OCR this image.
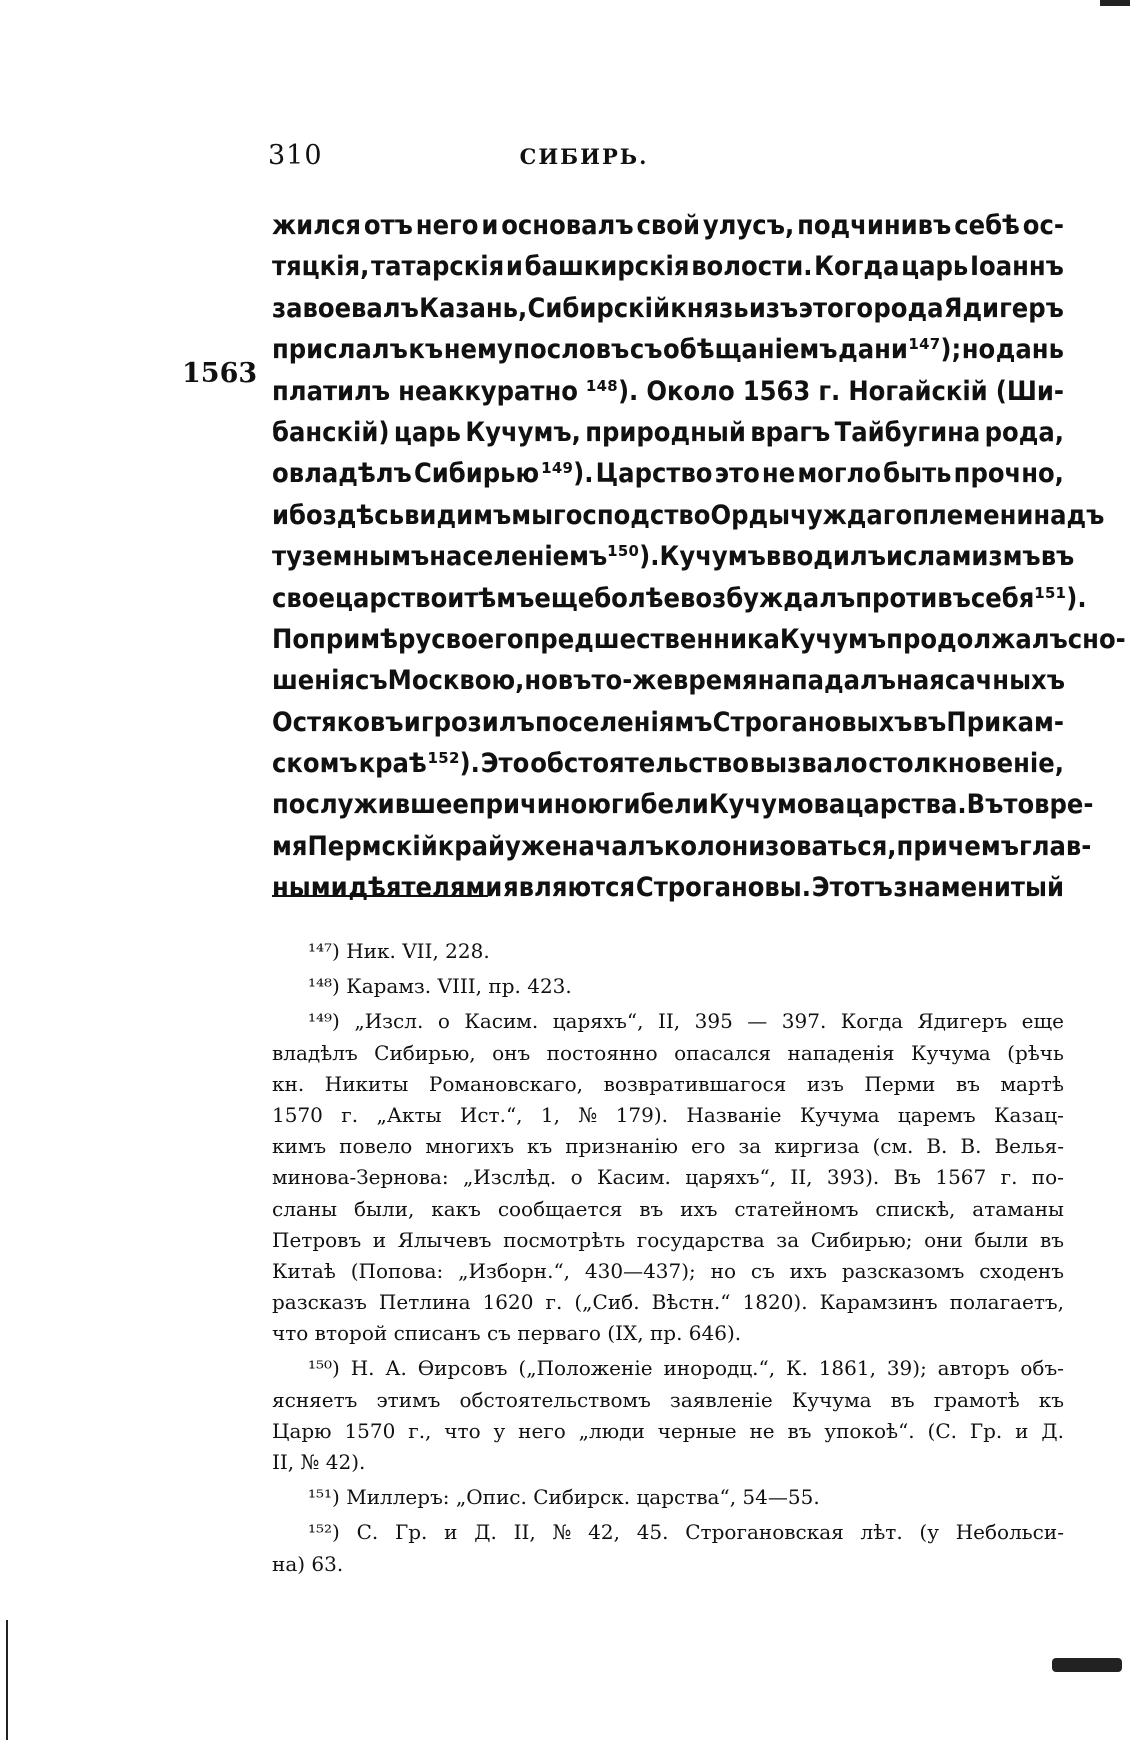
310	СИБИРЬ.
1563
жился отъ него и основалъ свой улусъ, подчинивъ себѣ ос-
тяцкія, татарскія и башкирскія волости. Когда царь Іоаннъ
завоевалъ Казань, Сибирскій князь изъ этого рода Ядигеръ
прислалъ къ нему пословъ съ обѣщаніемъ дани ¹⁴⁷); но дань
платилъ неаккуратно ¹⁴⁸). Около 1563 г. Ногайскій (Ши-
банскій) царь Кучумъ, природный врагъ Тайбугина рода,
овладѣлъ Сибирью ¹⁴⁹). Царство это не могло быть прочно,
ибо здѣсь видимъ мы господство Орды чуждаго племени надъ
туземнымъ населеніемъ ¹⁵⁰). Кучумъ вводилъ исламизмъ въ
свое царство и тѣмъ еще болѣе возбуждалъ противъ себя ¹⁵¹).
По примѣру своего предшественника Кучумъ продолжалъ сно-
шенія съ Москвою, но въ то-же время нападалъ на ясачныхъ
Остяковъ и грозилъ поселеніямъ Строгановыхъ въ Прикам-
скомъ краѣ ¹⁵²). Это обстоятельство вызвало столкновеніе,
послужившее причиною гибели Кучумова царства. Въ то вре-
мя Пермскій край уже началъ колонизоваться, причемъ глав-
ными дѣятелями являются Строгановы. Этотъ знаменитый
¹⁴⁷) Ник. VII, 228.
¹⁴⁸) Карамз. VIII, пр. 423.
¹⁴⁹) „Изсл. о Касим. царяхъ“, II, 395 — 397. Когда Ядигеръ еще
владѣлъ Сибирью, онъ постоянно опасался нападенія Кучума (рѣчь
кн. Никиты Романовскаго, возвратившагося изъ Перми въ мартѣ
1570 г. „Акты Ист.“, 1, № 179). Названіе Кучума царемъ Казац-
кимъ повело многихъ къ признанію его за киргиза (см. В. В. Велья-
минова-Зернова: „Изслѣд. о Касим. царяхъ“, II, 393). Въ 1567 г. по-
сланы были, какъ сообщается въ ихъ статейномъ спискѣ, атаманы
Петровъ и Ялычевъ посмотрѣть государства за Сибирью; они были въ
Китаѣ (Попова: „Изборн.“, 430—437); но съ ихъ разсказомъ сходенъ
разсказъ Петлина 1620 г. („Сиб. Вѣстн.“ 1820). Карамзинъ полагаетъ,
что второй списанъ съ перваго (IX, пр. 646).
¹⁵⁰) Н. А. Өирсовъ („Положеніе инородц.“, К. 1861, 39); авторъ объ-
ясняетъ этимъ обстоятельствомъ заявленіе Кучума въ грамотѣ къ
Царю 1570 г., что у него „люди черные не въ упокоѣ“. (С. Гр. и Д.
II, № 42).
¹⁵¹) Миллеръ: „Опис. Сибирск. царства“, 54—55.
¹⁵²) С. Гр. и Д. II, № 42, 45. Строгановская лѣт. (у Небольси-
на) 63.
